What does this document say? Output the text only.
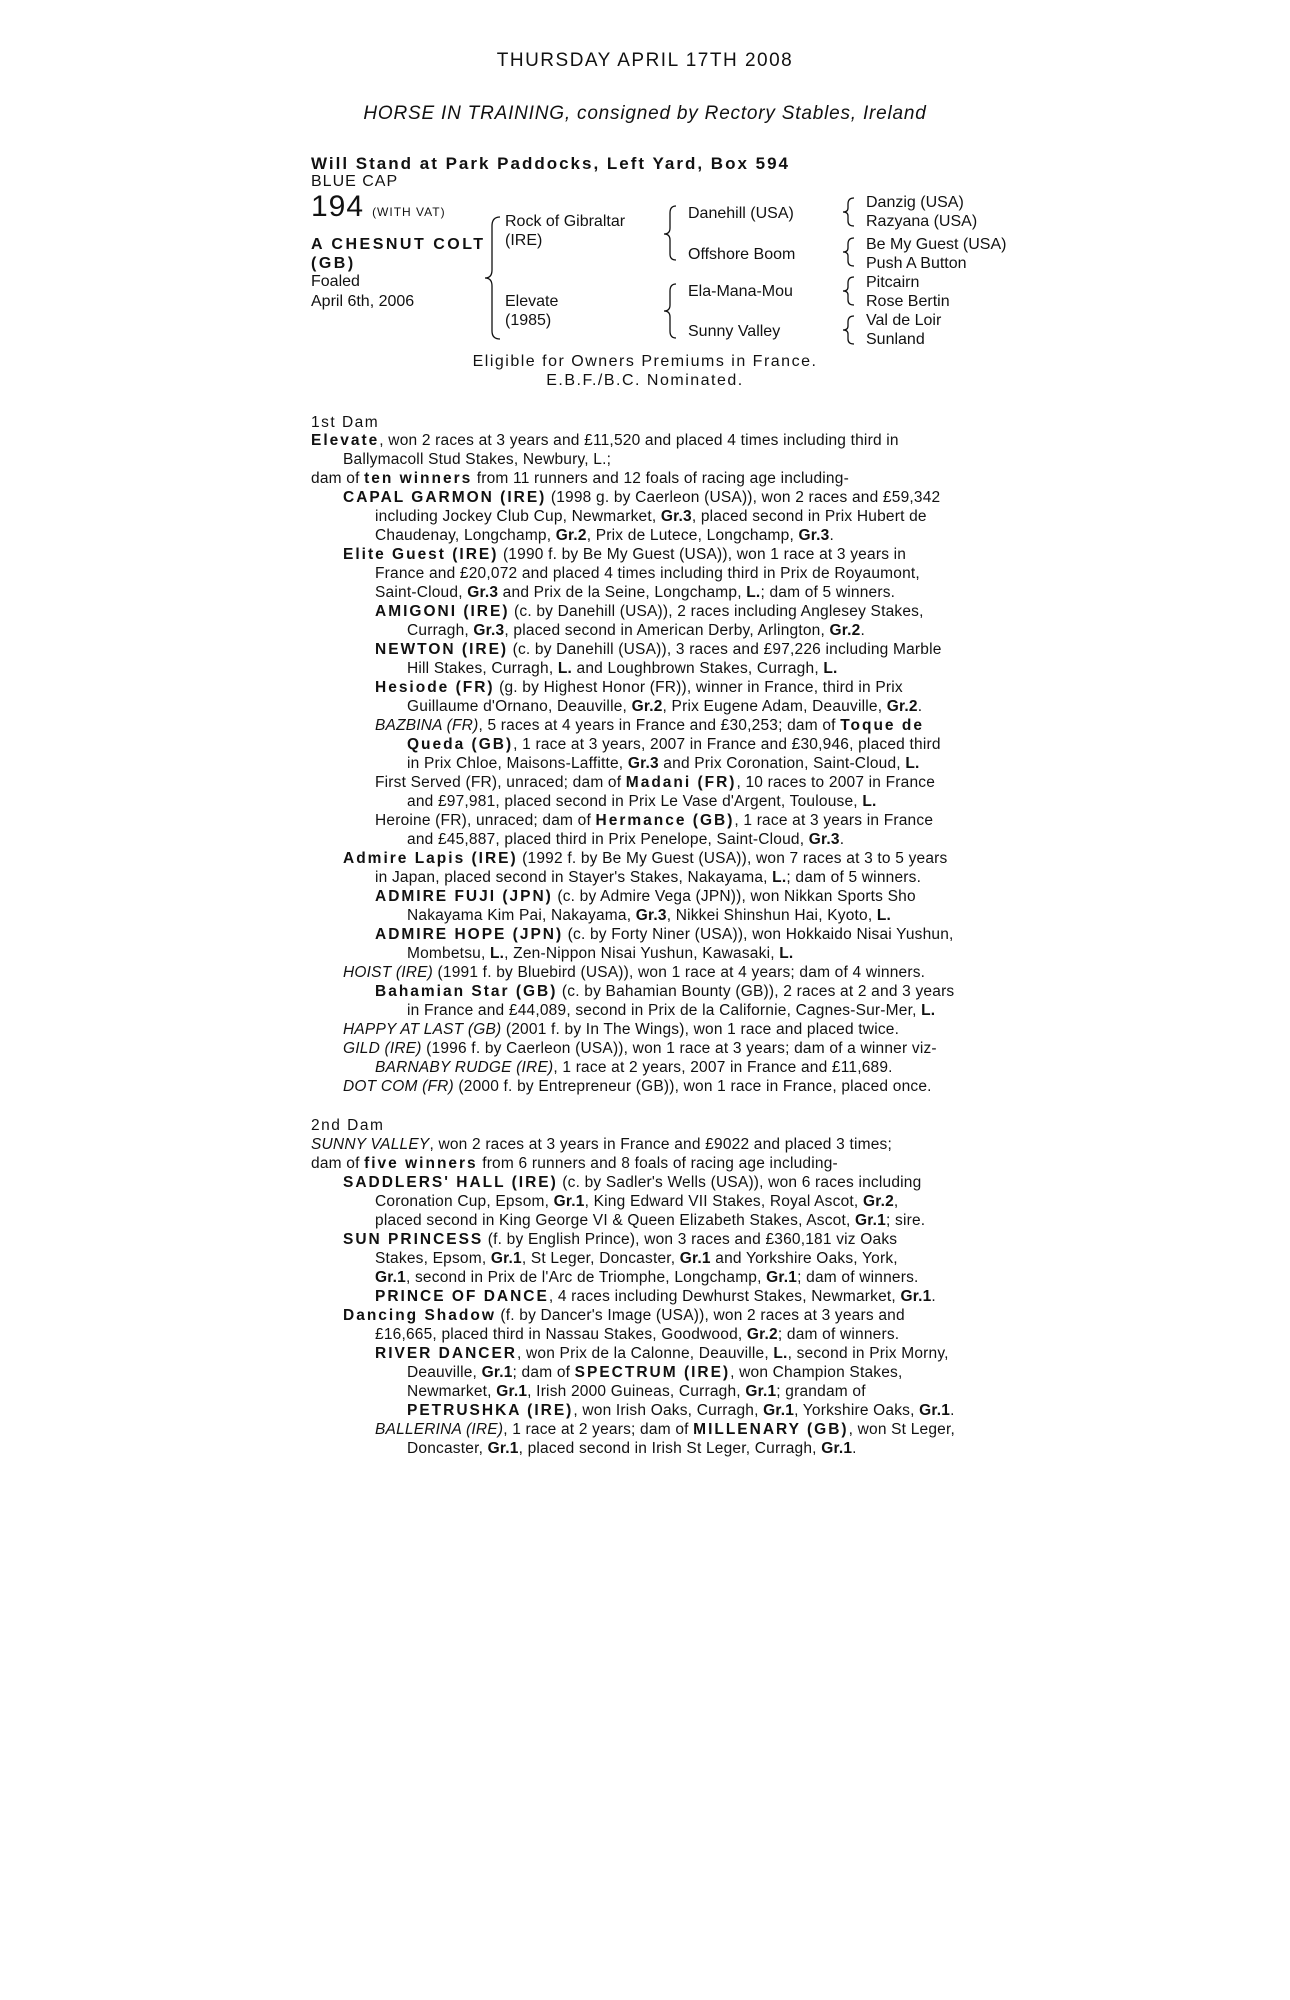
THURSDAY APRIL 17TH 2008
HORSE IN TRAINING, consigned by Rectory Stables, Ireland
Will Stand at Park Paddocks, Left Yard, Box 594
BLUE CAP
194 (WITH VAT)
A CHESNUT COLT
(GB)
Foaled
April 6th, 2006
Rock of Gibraltar
(IRE)
Elevate
(1985)
Danehill (USA)
Offshore Boom
Ela-Mana-Mou
Sunny Valley
Danzig (USA)
Razyana (USA)
Be My Guest (USA)
Push A Button
Pitcairn
Rose Bertin
Val de Loir
Sunland
Eligible for Owners Premiums in France.
E.B.F./B.C. Nominated.
1st Dam
Elevate, won 2 races at 3 years and £11,520 and placed 4 times including third in
Ballymacoll Stud Stakes, Newbury, L.;
dam of ten winners from 11 runners and 12 foals of racing age including-
CAPAL GARMON (IRE) (1998 g. by Caerleon (USA)), won 2 races and £59,342
including Jockey Club Cup, Newmarket, Gr.3, placed second in Prix Hubert de
Chaudenay, Longchamp, Gr.2, Prix de Lutece, Longchamp, Gr.3.
Elite Guest (IRE) (1990 f. by Be My Guest (USA)), won 1 race at 3 years in
France and £20,072 and placed 4 times including third in Prix de Royaumont,
Saint-Cloud, Gr.3 and Prix de la Seine, Longchamp, L.; dam of 5 winners.
AMIGONI (IRE) (c. by Danehill (USA)), 2 races including Anglesey Stakes,
Curragh, Gr.3, placed second in American Derby, Arlington, Gr.2.
NEWTON (IRE) (c. by Danehill (USA)), 3 races and £97,226 including Marble
Hill Stakes, Curragh, L. and Loughbrown Stakes, Curragh, L.
Hesiode (FR) (g. by Highest Honor (FR)), winner in France, third in Prix
Guillaume d'Ornano, Deauville, Gr.2, Prix Eugene Adam, Deauville, Gr.2.
BAZBINA (FR), 5 races at 4 years in France and £30,253; dam of Toque de
Queda (GB), 1 race at 3 years, 2007 in France and £30,946, placed third
in Prix Chloe, Maisons-Laffitte, Gr.3 and Prix Coronation, Saint-Cloud, L.
First Served (FR), unraced; dam of Madani (FR), 10 races to 2007 in France
and £97,981, placed second in Prix Le Vase d'Argent, Toulouse, L.
Heroine (FR), unraced; dam of Hermance (GB), 1 race at 3 years in France
and £45,887, placed third in Prix Penelope, Saint-Cloud, Gr.3.
Admire Lapis (IRE) (1992 f. by Be My Guest (USA)), won 7 races at 3 to 5 years
in Japan, placed second in Stayer's Stakes, Nakayama, L.; dam of 5 winners.
ADMIRE FUJI (JPN) (c. by Admire Vega (JPN)), won Nikkan Sports Sho
Nakayama Kim Pai, Nakayama, Gr.3, Nikkei Shinshun Hai, Kyoto, L.
ADMIRE HOPE (JPN) (c. by Forty Niner (USA)), won Hokkaido Nisai Yushun,
Mombetsu, L., Zen-Nippon Nisai Yushun, Kawasaki, L.
HOIST (IRE) (1991 f. by Bluebird (USA)), won 1 race at 4 years; dam of 4 winners.
Bahamian Star (GB) (c. by Bahamian Bounty (GB)), 2 races at 2 and 3 years
in France and £44,089, second in Prix de la Californie, Cagnes-Sur-Mer, L.
HAPPY AT LAST (GB) (2001 f. by In The Wings), won 1 race and placed twice.
GILD (IRE) (1996 f. by Caerleon (USA)), won 1 race at 3 years; dam of a winner viz-
BARNABY RUDGE (IRE), 1 race at 2 years, 2007 in France and £11,689.
DOT COM (FR) (2000 f. by Entrepreneur (GB)), won 1 race in France, placed once.
2nd Dam
SUNNY VALLEY, won 2 races at 3 years in France and £9022 and placed 3 times;
dam of five winners from 6 runners and 8 foals of racing age including-
SADDLERS' HALL (IRE) (c. by Sadler's Wells (USA)), won 6 races including
Coronation Cup, Epsom, Gr.1, King Edward VII Stakes, Royal Ascot, Gr.2,
placed second in King George VI & Queen Elizabeth Stakes, Ascot, Gr.1; sire.
SUN PRINCESS (f. by English Prince), won 3 races and £360,181 viz Oaks
Stakes, Epsom, Gr.1, St Leger, Doncaster, Gr.1 and Yorkshire Oaks, York,
Gr.1, second in Prix de l'Arc de Triomphe, Longchamp, Gr.1; dam of winners.
PRINCE OF DANCE, 4 races including Dewhurst Stakes, Newmarket, Gr.1.
Dancing Shadow (f. by Dancer's Image (USA)), won 2 races at 3 years and
£16,665, placed third in Nassau Stakes, Goodwood, Gr.2; dam of winners.
RIVER DANCER, won Prix de la Calonne, Deauville, L., second in Prix Morny,
Deauville, Gr.1; dam of SPECTRUM (IRE), won Champion Stakes,
Newmarket, Gr.1, Irish 2000 Guineas, Curragh, Gr.1; grandam of
PETRUSHKA (IRE), won Irish Oaks, Curragh, Gr.1, Yorkshire Oaks, Gr.1.
BALLERINA (IRE), 1 race at 2 years; dam of MILLENARY (GB), won St Leger,
Doncaster, Gr.1, placed second in Irish St Leger, Curragh, Gr.1.
